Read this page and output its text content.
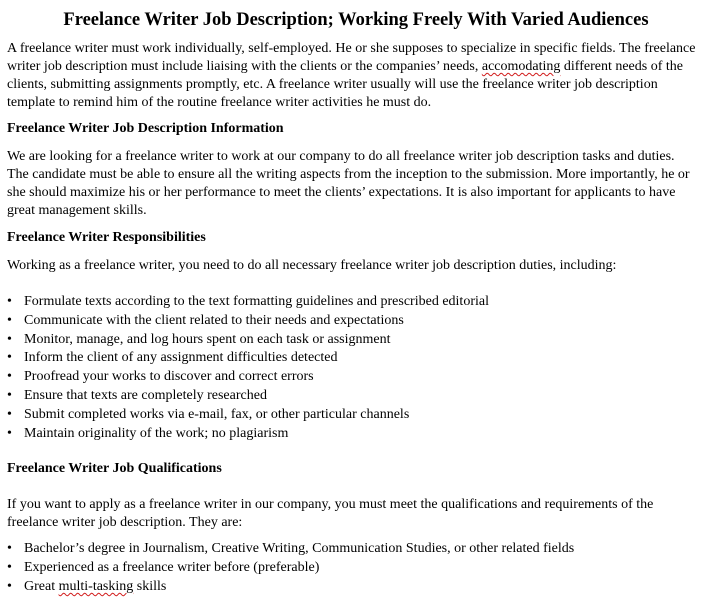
Freelance Writer Job Description; Working Freely With Varied Audiences

A freelance writer must work individually, self-employed. He or she supposes to specialize in specific fields. The freelance writer job description must include liaising with the clients or the companies’ needs, accomodating different needs of the clients, submitting assignments promptly, etc. A freelance writer usually will use the freelance writer job description template to remind him of the routine freelance writer activities he must do.

Freelance Writer Job Description Information

We are looking for a freelance writer to work at our company to do all freelance writer job description tasks and duties. The candidate must be able to ensure all the writing aspects from the inception to the submission. More importantly, he or she should maximize his or her performance to meet the clients’ expectations. It is also important for applicants to have great management skills.

Freelance Writer Responsibilities

Working as a freelance writer, you need to do all necessary freelance writer job description duties, including:

• Formulate texts according to the text formatting guidelines and prescribed editorial
• Communicate with the client related to their needs and expectations
• Monitor, manage, and log hours spent on each task or assignment
• Inform the client of any assignment difficulties detected
• Proofread your works to discover and correct errors
• Ensure that texts are completely researched
• Submit completed works via e-mail, fax, or other particular channels
• Maintain originality of the work; no plagiarism
Freelance Writer Job Qualifications

If you want to apply as a freelance writer in our company, you must meet the qualifications and requirements of the freelance writer job description. They are:

• Bachelor’s degree in Journalism, Creative Writing, Communication Studies, or other related fields
• Experienced as a freelance writer before (preferable)
• Great multi-tasking skills
